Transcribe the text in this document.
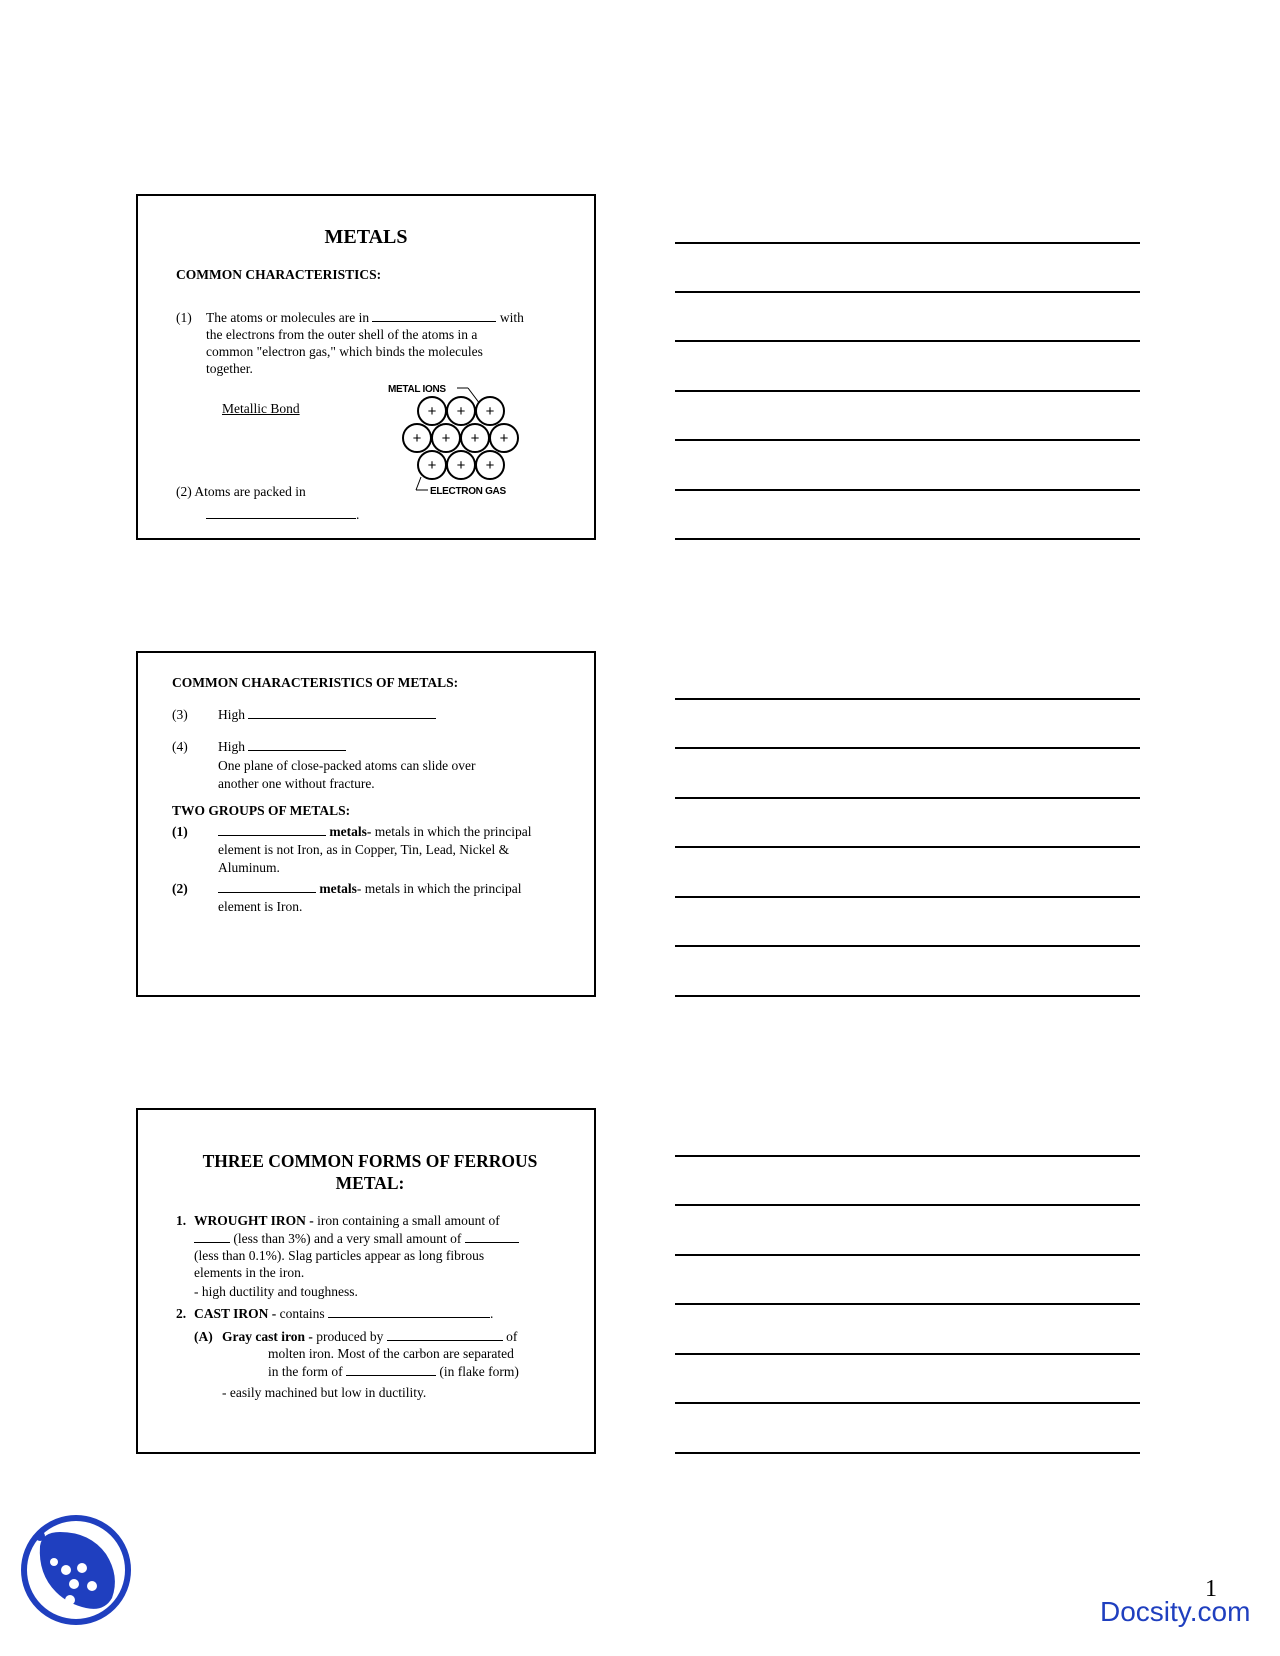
METALS
COMMON CHARACTERISTICS:
(1) The atoms or molecules are in	with
the electrons from the outer shell of the atoms in a
common "electron gas," which binds the molecules
together.
Metallic Bond
METAL IONS
+ + +
+ + + +
+ + +
ELECTRON GAS
(2) Atoms are packed in
.
COMMON CHARACTERISTICS OF METALS:
(3) High
(4) High
One plane of close-packed atoms can slide over
another one without fracture.
TWO GROUPS OF METALS:
(1)	metals- metals in which the principal
element is not Iron, as in Copper, Tin, Lead, Nickel &
Aluminum.
(2)	metals- metals in which the principal
element is Iron.
THREE COMMON FORMS OF FERROUS
METAL:
1. WROUGHT IRON - iron containing a small amount of
(less than 3%) and a very small amount of
(less than 0.1%). Slag particles appear as long fibrous
elements in the iron.
- high ductility and toughness.
2. CAST IRON - contains	.
(A) Gray cast iron - produced by	of
molten iron. Most of the carbon are separated
in the form of	(in flake form)
- easily machined but low in ductility.
1
Docsity.com
